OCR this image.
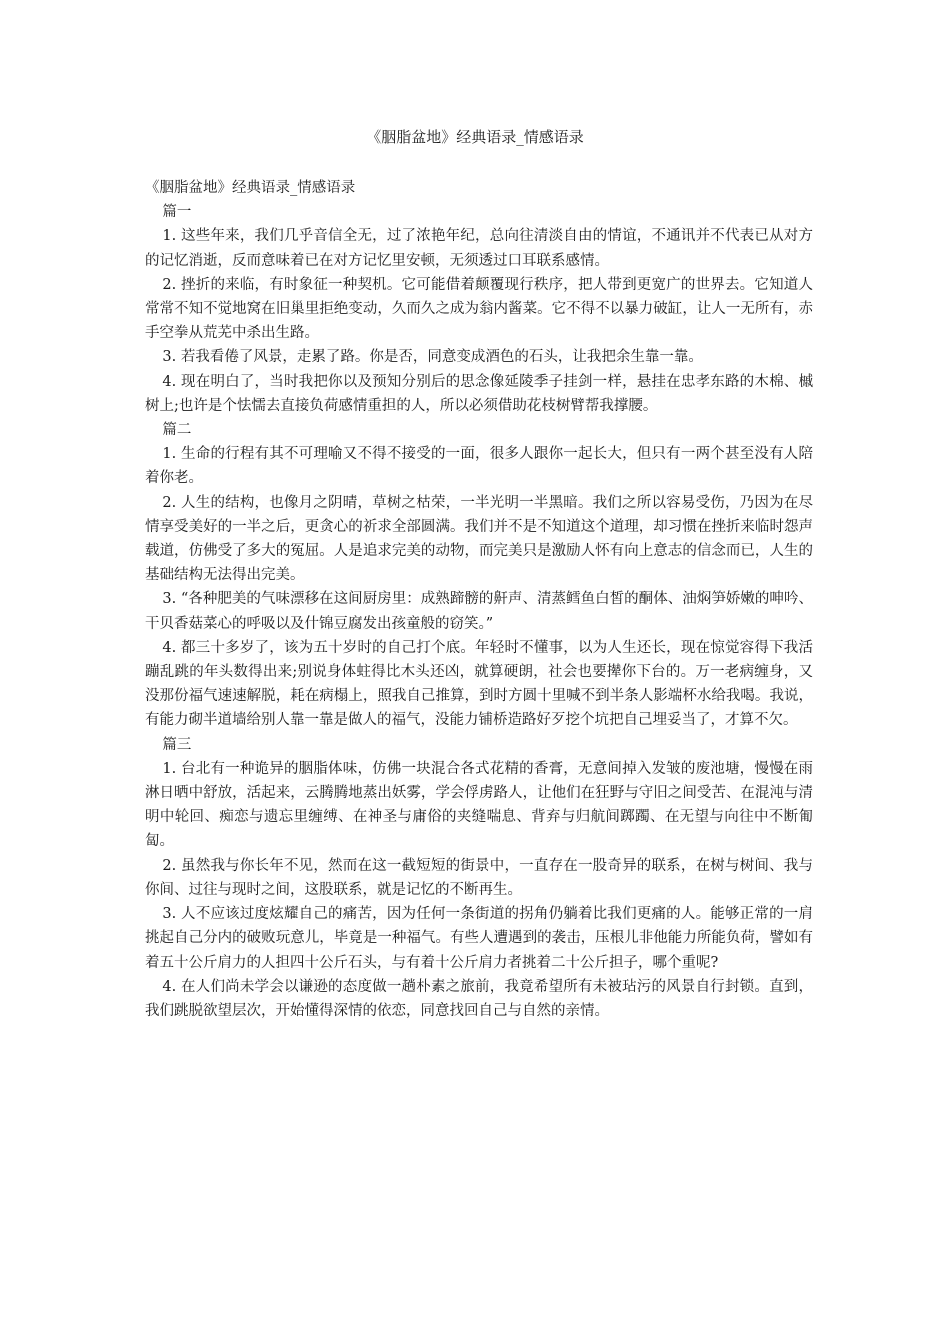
《胭脂盆地》经典语录_情感语录

《胭脂盆地》经典语录_情感语录

篇一

1. 这些年来，我们几乎音信全无，过了浓艳年纪，总向往清淡自由的情谊，不通讯并不代表已从对方的记忆消逝，反而意味着已在对方记忆里安顿，无须透过口耳联系感情。

2. 挫折的来临，有时象征一种契机。它可能借着颠覆现行秩序，把人带到更宽广的世界去。它知道人常常不知不觉地窝在旧巢里拒绝变动，久而久之成为翁内酱菜。它不得不以暴力破缸，让人一无所有，赤手空拳从荒芜中杀出生路。

3. 若我看倦了风景，走累了路。你是否，同意变成酒色的石头，让我把余生靠一靠。

4. 现在明白了，当时我把你以及预知分别后的思念像延陵季子挂剑一样，悬挂在忠孝东路的木棉、槭树上;也许是个怯懦去直接负荷感情重担的人，所以必须借助花枝树臂帮我撑腰。

篇二

1. 生命的行程有其不可理喻又不得不接受的一面，很多人跟你一起长大，但只有一两个甚至没有人陪着你老。

2. 人生的结构，也像月之阴晴，草树之枯荣，一半光明一半黑暗。我们之所以容易受伤，乃因为在尽情享受美好的一半之后，更贪心的祈求全部圆满。我们并不是不知道这个道理，却习惯在挫折来临时怨声载道，仿佛受了多大的冤屈。人是追求完美的动物，而完美只是激励人怀有向上意志的信念而已，人生的基础结构无法得出完美。

3. “各种肥美的气味漂移在这间厨房里：成熟蹄髈的鼾声、清蒸鳕鱼白皙的酮体、油焖笋娇嫩的呻吟、干贝香菇菜心的呼吸以及什锦豆腐发出孩童般的窃笑。”

4. 都三十多岁了，该为五十岁时的自己打个底。年轻时不懂事，以为人生还长，现在惊觉容得下我活蹦乱跳的年头数得出来;别说身体蛀得比木头还凶，就算硬朗，社会也要撵你下台的。万一老病缠身，又没那份福气速速解脱，耗在病榻上，照我自己推算，到时方圆十里喊不到半条人影端杯水给我喝。我说，有能力砌半道墙给别人靠一靠是做人的福气，没能力铺桥造路好歹挖个坑把自己埋妥当了，才算不欠。

篇三

1. 台北有一种诡异的胭脂体味，仿佛一块混合各式花精的香膏，无意间掉入发皱的废池塘，慢慢在雨淋日晒中舒放，活起来，云腾腾地蒸出妖雾，学会俘虏路人，让他们在狂野与守旧之间受苦、在混沌与清明中轮回、痴恋与遗忘里缠缚、在神圣与庸俗的夹缝喘息、背弃与归航间踯躅、在无望与向往中不断匍匐。

2. 虽然我与你长年不见，然而在这一截短短的街景中，一直存在一股奇异的联系，在树与树间、我与你间、过往与现时之间，这股联系，就是记忆的不断再生。

3. 人不应该过度炫耀自己的痛苦，因为任何一条街道的拐角仍躺着比我们更痛的人。能够正常的一肩挑起自己分内的破败玩意儿，毕竟是一种福气。有些人遭遇到的袭击，压根儿非他能力所能负荷，譬如有着五十公斤肩力的人担四十公斤石头，与有着十公斤肩力者挑着二十公斤担子，哪个重呢?

4. 在人们尚未学会以谦逊的态度做一趟朴素之旅前，我竟希望所有未被玷污的风景自行封锁。直到，我们跳脱欲望层次，开始懂得深情的依恋，同意找回自己与自然的亲情。
